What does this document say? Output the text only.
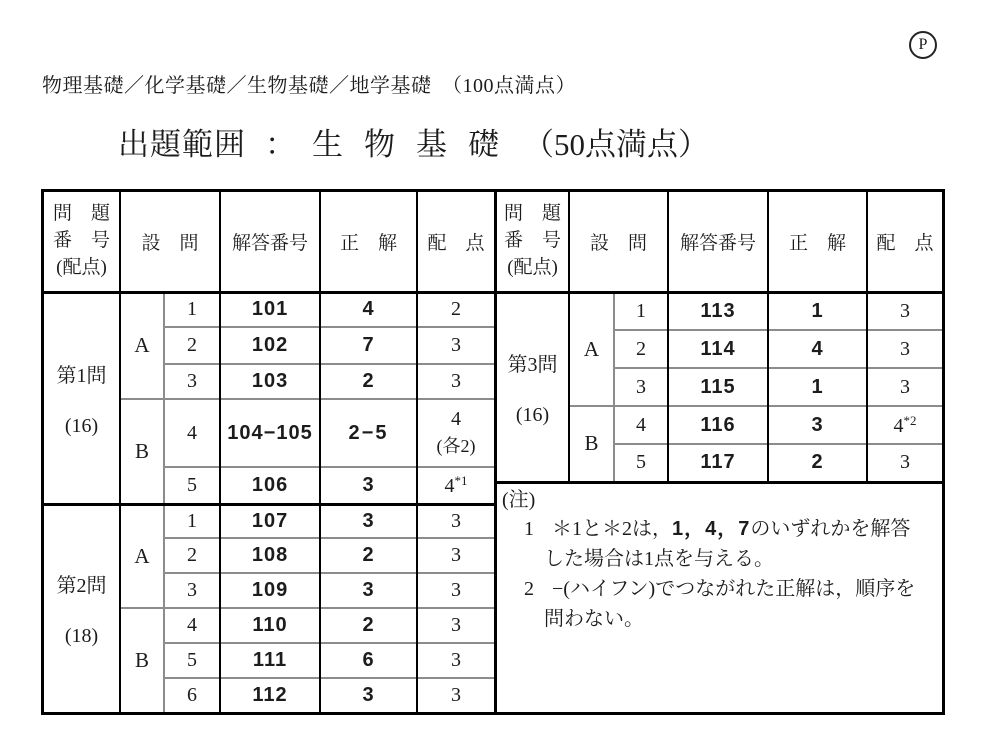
P
物理基礎／化学基礎／生物基礎／地学基礎　（100点満点）
出題範囲 ： 生物基礎 （50点満点）
問　題
番　号
(配点)	設　問		解答番号	正　解	配　点

第1問
(16)	A	1	101	4	2
		2	102	7	3
		3	103	2	3
	B	4	104−105	2−5	4
(各2)

		5	106	3	4$^{*1}$

第2問
(18)	A	1	107	3	3
		2	108	2	3
		3	109	3	3
	B	4	110	2	3
		5	111	6	3
		6	112	3	3
問　題
番　号
(配点)	設　問		解答番号	正　解	配　点

第3問
(16)	A	1	113	1	3
		2	114	4	3
		3	115	1	3
	B	4	116	3	4$^{*2}$
		5	117	2	3

(注)
1 ＊1と＊2は，1，4，7のいずれかを解答
した場合は1点を与える。
2 −(ハイフン)でつながれた正解は，順序を
問わない。
